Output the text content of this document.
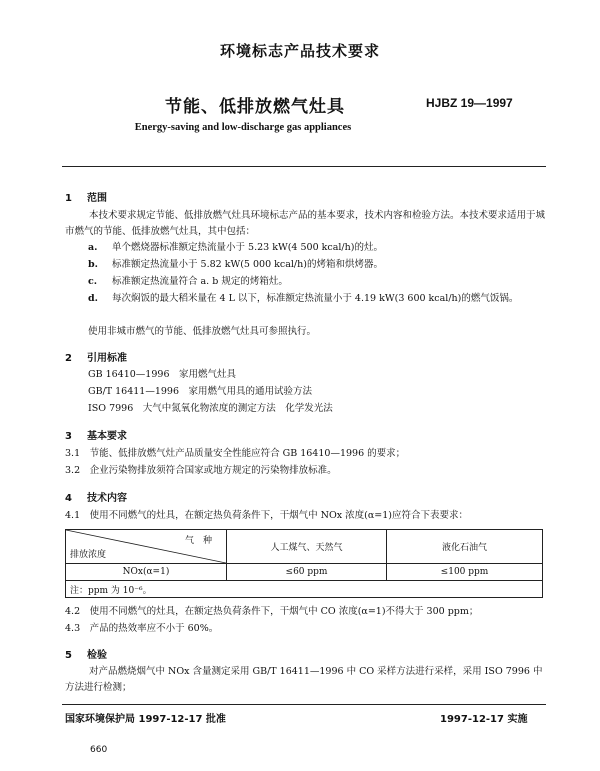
环境标志产品技术要求
节能、低排放燃气灶具	HJBZ 19—1997
Energy-saving and low-discharge gas appliances
1 范围
本技术要求规定节能、低排放燃气灶具环境标志产品的基本要求，技术内容和检验方法。本技术要求适用于城市燃气的节能、低排放燃气灶具，其中包括：
a. 单个燃烧器标准额定热流量小于 5.23 kW(4 500 kcal/h)的灶。
b. 标准额定热流量小于 5.82 kW(5 000 kcal/h)的烤箱和烘烤器。
c. 标准额定热流量符合 a. b 规定的烤箱灶。
d. 每次焖饭的最大稻米量在 4 L 以下，标准额定热流量小于 4.19 kW(3 600 kcal/h)的燃气饭锅。
使用非城市燃气的节能、低排放燃气灶具可参照执行。
2 引用标准
GB 16410—1996　家用燃气灶具
GB/T 16411—1996　家用燃气用具的通用试验方法
ISO 7996　大气中氮氧化物浓度的测定方法　化学发光法
3 基本要求
3.1　节能、低排放燃气灶产品质量安全性能应符合 GB 16410—1996 的要求；
3.2　企业污染物排放须符合国家或地方规定的污染物排放标准。
4 技术内容
4.1　使用不同燃气的灶具，在额定热负荷条件下，干烟气中 NOx 浓度(α=1)应符合下表要求：
气　种
排放浓度	人工煤气、天然气	液化石油气
NOx(α=1)	≤60 ppm	≤100 ppm
注：ppm 为 10⁻⁶。		
4.2　使用不同燃气的灶具，在额定热负荷条件下，干烟气中 CO 浓度(α=1)不得大于 300 ppm；
4.3　产品的热效率应不小于 60%。
5 检验
对产品燃烧烟气中 NOx 含量测定采用 GB/T 16411—1996 中 CO 采样方法进行采样，采用 ISO 7996 中方法进行检测；
国家环境保护局 1997-12-17 批准	1997-12-17 实施
660
